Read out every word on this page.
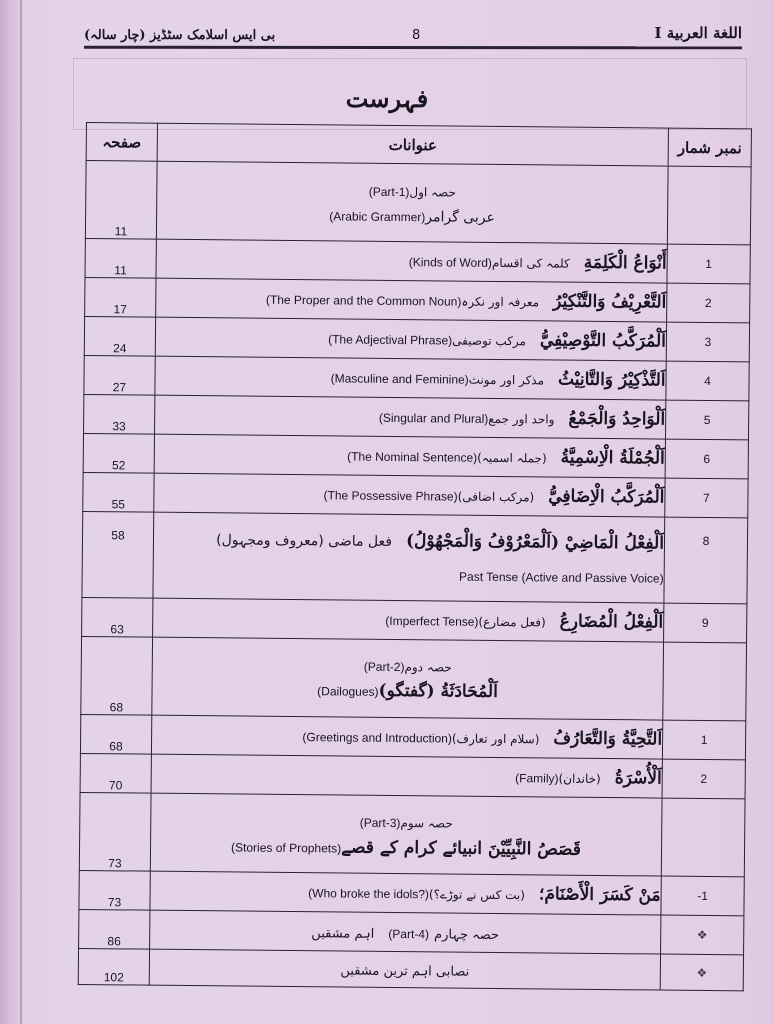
بی ایس اسلامک سٹڈیز (چار سالہ)	8	اللغة العربية I
فہرست
صفحہ	عنوانات	نمبر شمار
11	حصہ اول(Part-1)
عربی گرامر(Arabic Grammer)	

11	أَنْوَاعُ الْكَلِمَةِکلمہ کی اقسام(Kinds of Word)	1
17	اَلتَّعْرِيْفُ وَالتَّنْكِيْرُمعرفہ اور نکرہ(The Proper and the Common Noun)	2
24	اَلْمُرَكَّبُ التَّوْصِيْفِيُّمرکب توصیفی(The Adjectival Phrase)	3
27	اَلتَّذْكِيْرُ وَالتَّانِيْثُمذکر اور مونث(Masculine and Feminine)	4
33	اَلْوَاحِدُ وَالْجَمْعُواحد اور جمع(Singular and Plural)	5
52	اَلْجُمْلَةُ الْاِسْمِيَّةُ(جملہ اسمیہ)(The Nominal Sentence)	6
55	اَلْمُرَكَّبُ الْاِضَافِيُّ(مرکب اضافی)(The Possessive Phrase)	7
58	اَلْفِعْلُ الْمَاضِيْ (اَلْمَعْرُوْفُ وَالْمَجْهُوْلُ)فعل ماضی (معروف ومجہول)
Past Tense (Active and Passive Voice)	8
63	اَلْفِعْلُ الْمُضَارِعُ(فعل مضارع)(Imperfect Tense)	9
68	حصہ دوم(Part-2)
اَلْمُحَادَثَةُ (گفتگو)(Dailogues)	

68	اَلتَّحِيَّةُ وَالتَّعَارُفُ(سلام اور تعارف)(Greetings and Introduction)	1
70	اَلْأُسْرَةُ(خاندان)(Family)	2
73	حصہ سوم(Part-3)
قَصَصُ النَّبِيِّيْنَ انبیائے کرام کے قصے(Stories of Prophets)	

73	مَنْ كَسَرَ الْأَصْنَامَ؛(بت کس نے توڑے؟)(Who broke the idols?)	-1
86	حصہ چہارم (Part-4)اہم مشقیں	❖
102	نصابی اہم ترین مشقیں	❖
